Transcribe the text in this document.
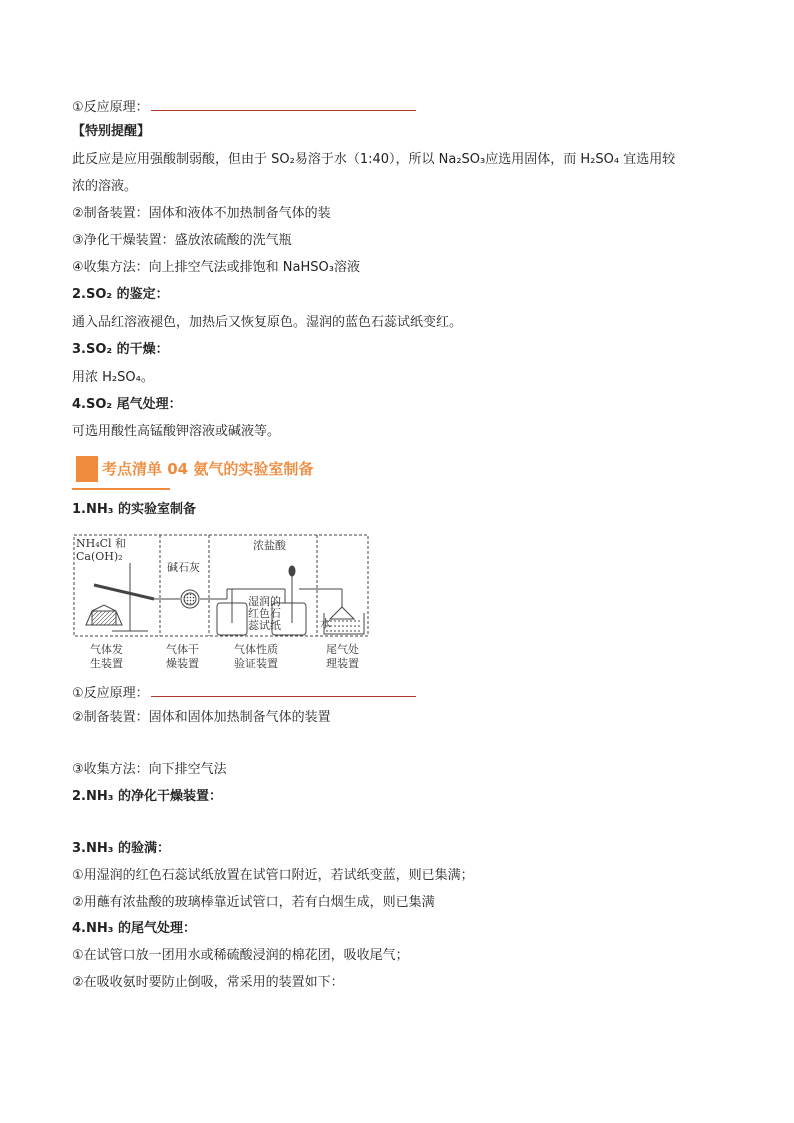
①反应原理：
【特别提醒】
此反应是应用强酸制弱酸，但由于 SO₂易溶于水（1:40），所以 Na₂SO₃应选用固体，而 H₂SO₄ 宜选用较
浓的溶液。
②制备装置：固体和液体不加热制备气体的装
③净化干燥装置：盛放浓硫酸的洗气瓶
④收集方法：向上排空气法或排饱和 NaHSO₃溶液
2.SO₂ 的鉴定：
通入品红溶液褪色，加热后又恢复原色。湿润的蓝色石蕊试纸变红。
3.SO₂ 的干燥：
用浓 H₂SO₄。
4.SO₂ 尾气处理：
可选用酸性高锰酸钾溶液或碱液等。
考点清单 04 氨气的实验室制备
1.NH₃ 的实验室制备
NH₄Cl 和
Ca(OH)₂
碱石灰
浓盐酸
湿润的
红色石
蕊试纸	水
气体发
生装置
气体干
燥装置
气体性质
验证装置
尾气处
理装置
①反应原理：
②制备装置：固体和固体加热制备气体的装置
③收集方法：向下排空气法
2.NH₃ 的净化干燥装置：
3.NH₃ 的验满：
①用湿润的红色石蕊试纸放置在试管口附近，若试纸变蓝，则已集满；
②用蘸有浓盐酸的玻璃棒靠近试管口，若有白烟生成，则已集满
4.NH₃ 的尾气处理：
①在试管口放一团用水或稀硫酸浸润的棉花团，吸收尾气；
②在吸收氨时要防止倒吸，常采用的装置如下：
